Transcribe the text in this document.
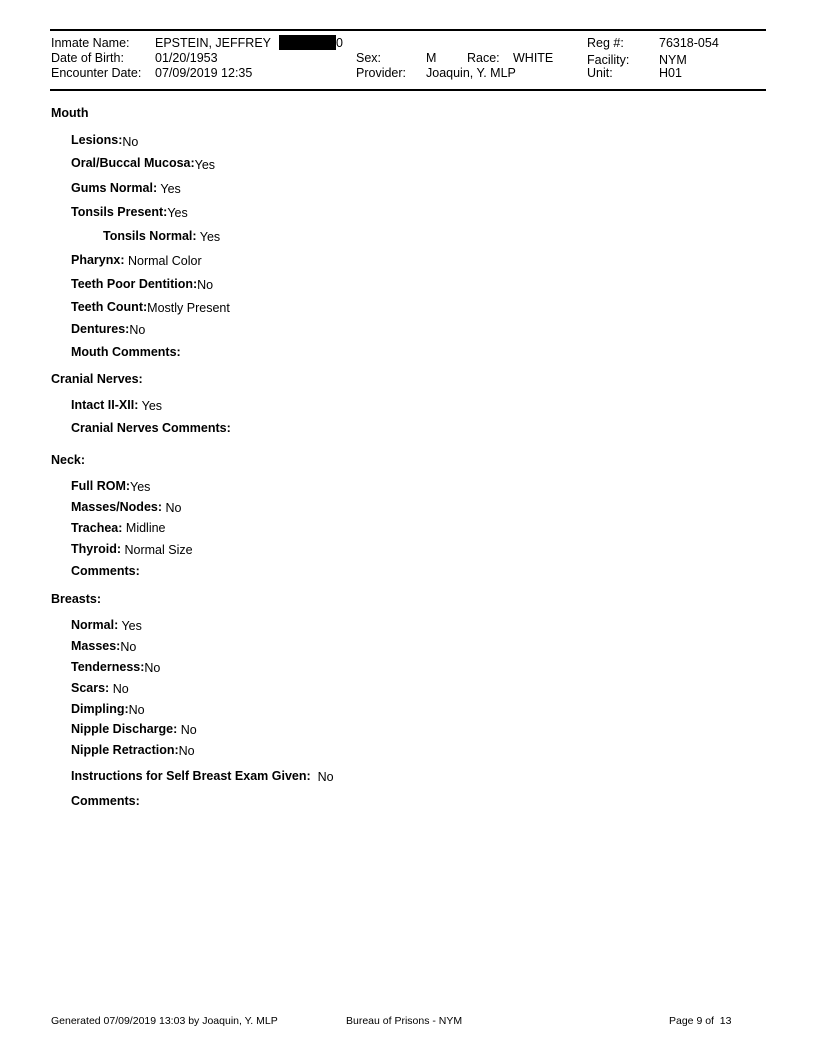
Inmate Name: EPSTEIN, JEFFREY	0
Date of Birth: 01/20/1953
Encounter Date: 07/09/2019 12:35
Sex:	M Race: WHITE
Provider: Joaquin, Y. MLP
Reg #:	76318-054
Facility: NYM
Unit:	H01
Mouth
Lesions:No
Oral/Buccal Mucosa:Yes
Gums Normal: Yes
Tonsils Present:Yes
Tonsils Normal: Yes
Pharynx: Normal Color
Teeth Poor Dentition:No
Teeth Count:Mostly Present
Dentures:No
Mouth Comments:
Cranial Nerves:
Intact II-XII: Yes
Cranial Nerves Comments:
Neck:
Full ROM:Yes
Masses/Nodes: No
Trachea: Midline
Thyroid: Normal Size
Comments:
Breasts:
Normal: Yes
Masses:No
Tenderness:No
Scars: No
Dimpling:No
Nipple Discharge: No
Nipple Retraction:No
Instructions for Self Breast Exam Given: No
Comments:
Generated 07/09/2019 13:03 by Joaquin, Y. MLP	Bureau of Prisons - NYM	Page 9 of 13
